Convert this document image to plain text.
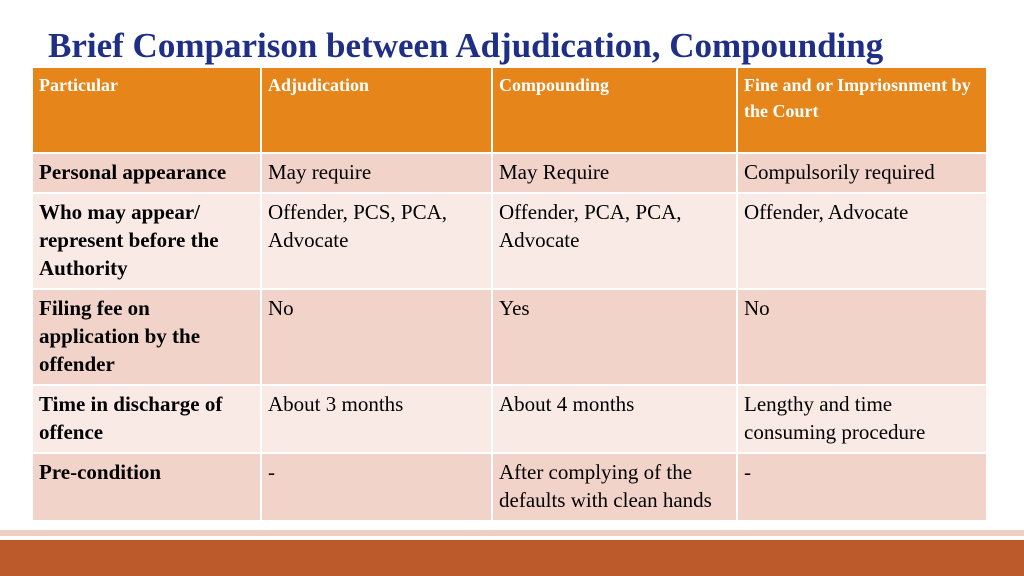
Brief Comparison between Adjudication, Compounding
Particular	Adjudication	Compounding	Fine and or Impriosnment by the Court
Personal appearance	May require	May Require	Compulsorily required
Who may appear/ represent before the Authority	Offender, PCS, PCA, Advocate	Offender, PCA, PCA, Advocate	Offender, Advocate
Filing fee on application by the offender	No	Yes	No
Time in discharge of offence	About 3 months	About 4 months	Lengthy and time consuming procedure
Pre-condition	-	After complying of the defaults with clean hands	-
